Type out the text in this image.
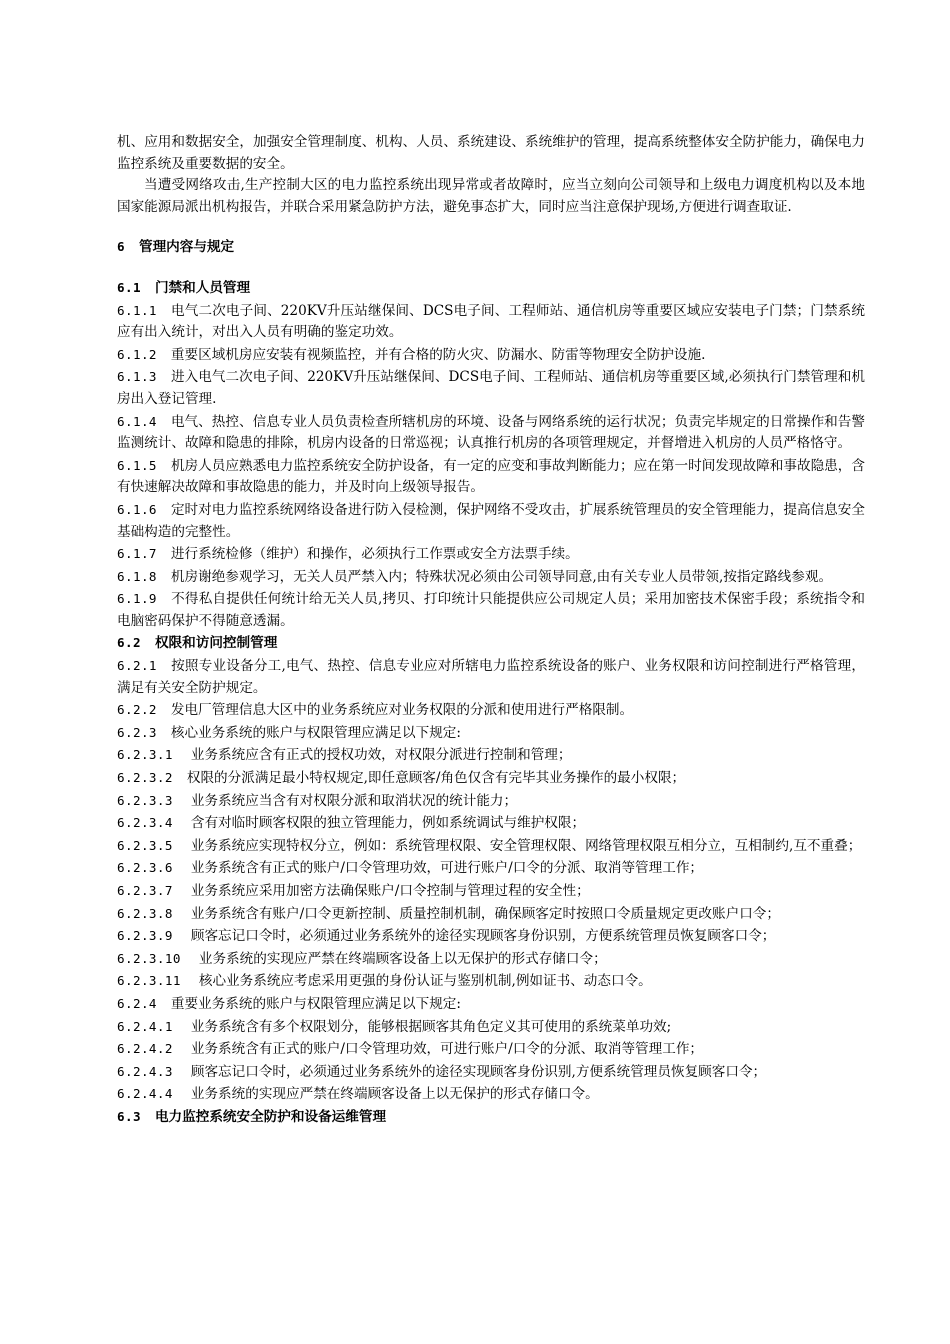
机、应用和数据安全，加强安全管理制度、机构、人员、系统建设、系统维护的管理，提高系统整体安全防护能力，确保电力监控系统及重要数据的安全。

当遭受网络攻击,生产控制大区的电力监控系统出现异常或者故障时，应当立刻向公司领导和上级电力调度机构以及本地国家能源局派出机构报告，并联合采用紧急防护方法，避免事态扩大，同时应当注意保护现场,方便进行调查取证.

6 管理内容与规定

6.1 门禁和人员管理

6.1.1 电气二次电子间、220KV升压站继保间、DCS电子间、工程师站、通信机房等重要区域应安装电子门禁；门禁系统应有出入统计，对出入人员有明确的鉴定功效。

6.1.2 重要区域机房应安装有视频监控，并有合格的防火灾、防漏水、防雷等物理安全防护设施.

6.1.3 进入电气二次电子间、220KV升压站继保间、DCS电子间、工程师站、通信机房等重要区域,必须执行门禁管理和机房出入登记管理.

6.1.4 电气、热控、信息专业人员负责检查所辖机房的环境、设备与网络系统的运行状况；负责完毕规定的日常操作和告警监测统计、故障和隐患的排除，机房内设备的日常巡视；认真推行机房的各项管理规定，并督增进入机房的人员严格恪守。

6.1.5 机房人员应熟悉电力监控系统安全防护设备，有一定的应变和事故判断能力；应在第一时间发现故障和事故隐患，含有快速解决故障和事故隐患的能力，并及时向上级领导报告。

6.1.6 定时对电力监控系统网络设备进行防入侵检测，保护网络不受攻击，扩展系统管理员的安全管理能力，提高信息安全基础构造的完整性。

6.1.7 进行系统检修（维护）和操作，必须执行工作票或安全方法票手续。

6.1.8 机房谢绝参观学习，无关人员严禁入内；特殊状况必须由公司领导同意,由有关专业人员带领,按指定路线参观。

6.1.9 不得私自提供任何统计给无关人员,拷贝、打印统计只能提供应公司规定人员；采用加密技术保密手段；系统指令和电脑密码保护不得随意透漏。

6.2 权限和访问控制管理

6.2.1 按照专业设备分工,电气、热控、信息专业应对所辖电力监控系统设备的账户、业务权限和访问控制进行严格管理，满足有关安全防护规定。

6.2.2 发电厂管理信息大区中的业务系统应对业务权限的分派和使用进行严格限制。

6.2.3 核心业务系统的账户与权限管理应满足以下规定:

6.2.3.1 业务系统应含有正式的授权功效，对权限分派进行控制和管理；

6.2.3.2 权限的分派满足最小特权规定,即任意顾客/角色仅含有完毕其业务操作的最小权限；

6.2.3.3 业务系统应当含有对权限分派和取消状况的统计能力；

6.2.3.4 含有对临时顾客权限的独立管理能力，例如系统调试与维护权限；

6.2.3.5 业务系统应实现特权分立，例如：系统管理权限、安全管理权限、网络管理权限互相分立，互相制约,互不重叠；

6.2.3.6 业务系统含有正式的账户/口令管理功效，可进行账户/口令的分派、取消等管理工作；

6.2.3.7 业务系统应采用加密方法确保账户/口令控制与管理过程的安全性；

6.2.3.8 业务系统含有账户/口令更新控制、质量控制机制，确保顾客定时按照口令质量规定更改账户口令；

6.2.3.9 顾客忘记口令时，必须通过业务系统外的途径实现顾客身份识别，方便系统管理员恢复顾客口令；

6.2.3.10 业务系统的实现应严禁在终端顾客设备上以无保护的形式存储口令；

6.2.3.11 核心业务系统应考虑采用更强的身份认证与鉴别机制,例如证书、动态口令。

6.2.4 重要业务系统的账户与权限管理应满足以下规定:

6.2.4.1 业务系统含有多个权限划分，能够根据顾客其角色定义其可使用的系统菜单功效;

6.2.4.2 业务系统含有正式的账户/口令管理功效，可进行账户/口令的分派、取消等管理工作；

6.2.4.3 顾客忘记口令时，必须通过业务系统外的途径实现顾客身份识别,方便系统管理员恢复顾客口令；

6.2.4.4 业务系统的实现应严禁在终端顾客设备上以无保护的形式存储口令。

6.3 电力监控系统安全防护和设备运维管理
